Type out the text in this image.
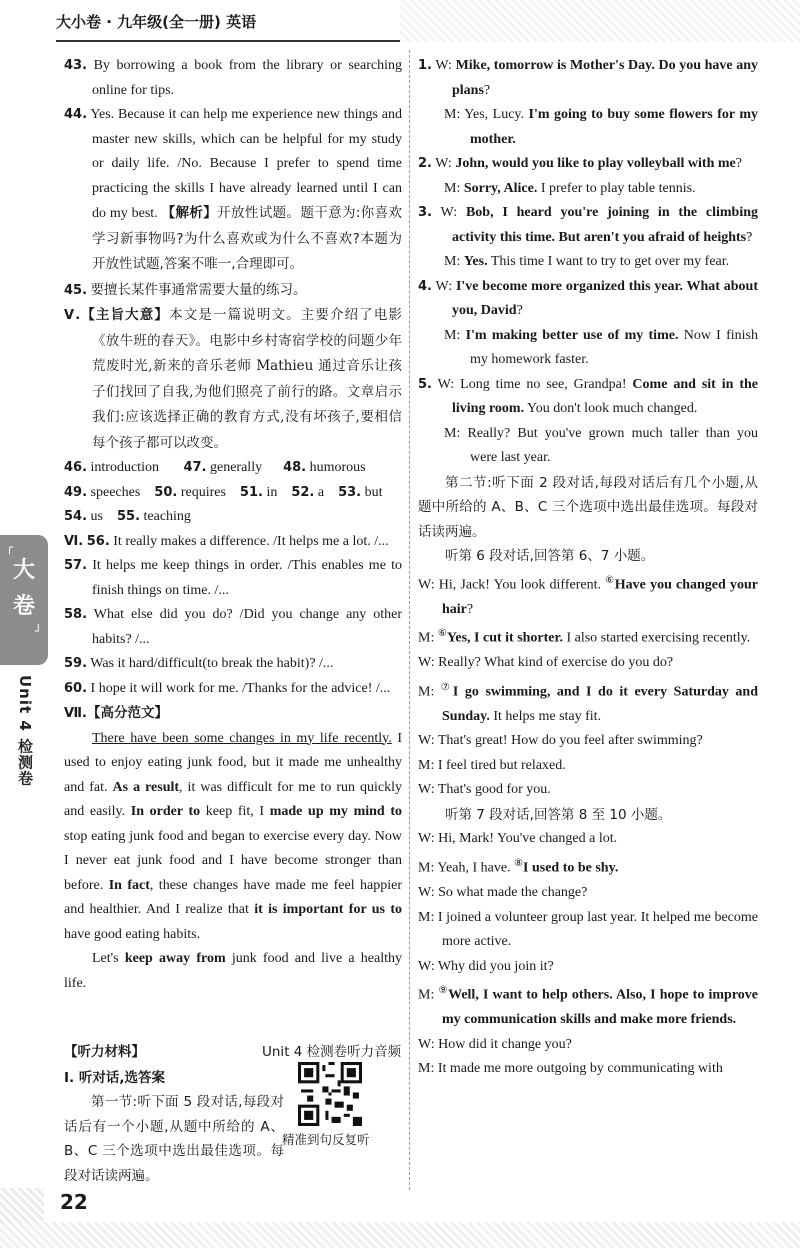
大小卷 · 九年级(全一册) 英语
┌
大
卷
┘
Unit 4 检测卷

43. By borrowing a book from the library or searching online for tips.

44. Yes. Because it can help me experience new things and master new skills, which can be helpful for my study or daily life. /No. Because I prefer to spend time practicing the skills I have already learned until I can do my best. 【解析】开放性试题。题干意为:你喜欢学习新事物吗?为什么喜欢或为什么不喜欢?本题为开放性试题,答案不唯一,合理即可。

45. 要擅长某件事通常需要大量的练习。

Ⅴ.【主旨大意】本文是一篇说明文。主要介绍了电影《放牛班的春天》。电影中乡村寄宿学校的问题少年荒废时光,新来的音乐老师 Mathieu 通过音乐让孩子们找回了自我,为他们照亮了前行的路。文章启示我们:应该选择正确的教育方式,没有坏孩子,要相信每个孩子都可以改变。

46. introduction 47. generally 48. humorous

49. speeches 50. requires 51. in 52. a 53. but

54. us 55. teaching

Ⅵ. 56. It really makes a difference. /It helps me a lot. /...

57. It helps me keep things in order. /This enables me to finish things on time. /...

58. What else did you do? /Did you change any other habits? /...

59. Was it hard/difficult(to break the habit)? /...

60. I hope it will work for me. /Thanks for the advice! /...

Ⅶ.【高分范文】

There have been some changes in my life recently. I used to enjoy eating junk food, but it made me unhealthy and fat. As a result, it was difficult for me to run quickly and easily. In order to keep fit, I made up my mind to stop eating junk food and began to exercise every day. Now I never eat junk food and I have become stronger than before. In fact, these changes have made me feel happier and healthier. And I realize that it is important for us to have good eating habits.

Let's keep away from junk food and live a healthy life.

【听力材料】

Ⅰ. 听对话,选答案

第一节:听下面 5 段对话,每段对话后有一个小题,从题中所给的 A、B、C 三个选项中选出最佳选项。每段对话读两遍。

Unit 4 检测卷听力音频
精准到句反复听

1. W: Mike, tomorrow is Mother's Day. Do you have any plans?

M: Yes, Lucy. I'm going to buy some flowers for my mother.

2. W: John, would you like to play volleyball with me?

M: Sorry, Alice. I prefer to play table tennis.

3. W: Bob, I heard you're joining in the climbing activity this time. But aren't you afraid of heights?

M: Yes. This time I want to try to get over my fear.

4. W: I've become more organized this year. What about you, David?

M: I'm making better use of my time. Now I finish my homework faster.

5. W: Long time no see, Grandpa! Come and sit in the living room. You don't look much changed.

M: Really? But you've grown much taller than you were last year.

第二节:听下面 2 段对话,每段对话后有几个小题,从题中所给的 A、B、C 三个选项中选出最佳选项。每段对话读两遍。

听第 6 段对话,回答第 6、7 小题。

W: Hi, Jack! You look different. ⑥Have you changed your hair?

M: ⑥Yes, I cut it shorter. I also started exercising recently.

W: Really? What kind of exercise do you do?

M: ⑦I go swimming, and I do it every Saturday and Sunday. It helps me stay fit.

W: That's great! How do you feel after swimming?

M: I feel tired but relaxed.

W: That's good for you.

听第 7 段对话,回答第 8 至 10 小题。

W: Hi, Mark! You've changed a lot.

M: Yeah, I have. ⑧I used to be shy.

W: So what made the change?

M: I joined a volunteer group last year. It helped me become more active.

W: Why did you join it?

M: ⑨Well, I want to help others. Also, I hope to improve my communication skills and make more friends.

W: How did it change you?

M: It made me more outgoing by communicating with

22
